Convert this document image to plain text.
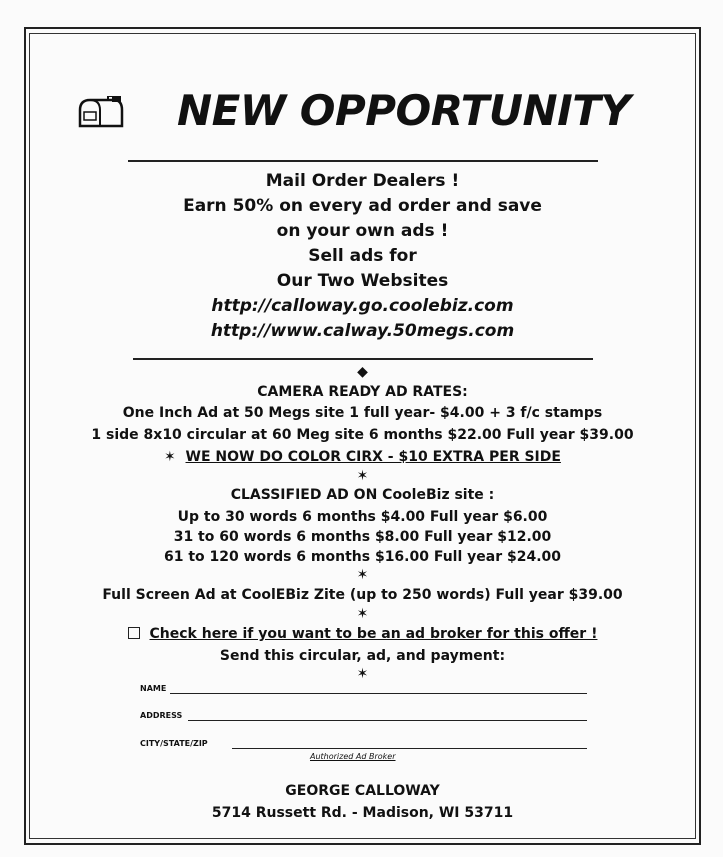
NEW OPPORTUNITY
Mail Order Dealers !
Earn 50% on every ad order and save
on your own ads !
Sell ads for
Our Two Websites
http://calloway.go.coolebiz.com
http://www.calway.50megs.com
◆
CAMERA READY AD RATES:
One Inch Ad at 50 Megs site 1 full year- $4.00 + 3 f/c stamps
1 side 8x10 circular at 60 Meg site 6 months $22.00 Full year $39.00
✶ WE NOW DO COLOR CIRX - $10 EXTRA PER SIDE
✶
CLASSIFIED AD ON CooleBiz site :
Up to 30 words 6 months $4.00 Full year $6.00
31 to 60 words 6 months $8.00 Full year $12.00
61 to 120 words 6 months $16.00 Full year $24.00
✶
Full Screen Ad at CoolEBiz Zite (up to 250 words) Full year $39.00
✶
Check here if you want to be an ad broker for this offer !
Send this circular, ad, and payment:
✶
NAME
ADDRESS
CITY/STATE/ZIP
Authorized Ad Broker
GEORGE CALLOWAY
5714 Russett Rd. - Madison, WI 53711
